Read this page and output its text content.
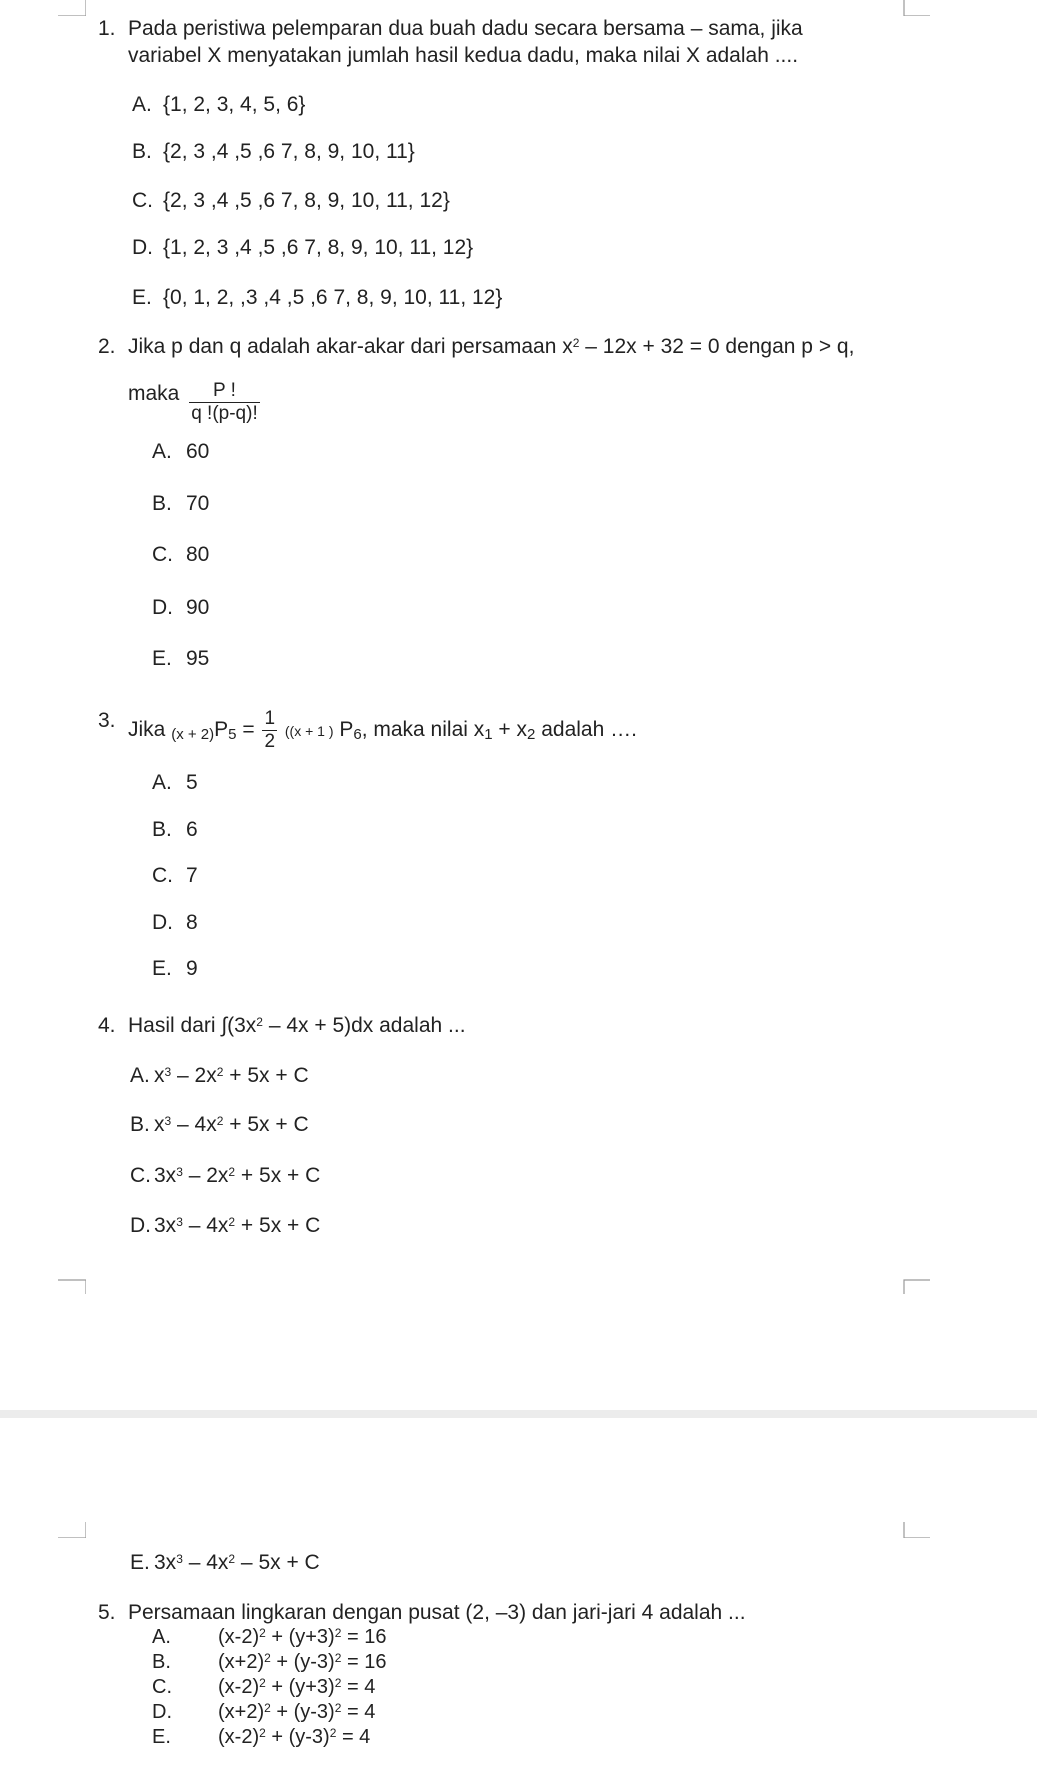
1. Pada peristiwa pelemparan dua buah dadu secara bersama – sama, jika
variabel X menyatakan jumlah hasil kedua dadu, maka nilai X adalah ....
A. {1, 2, 3, 4, 5, 6}
B. {2, 3 ,4 ,5 ,6 7, 8, 9, 10, 11}
C. {2, 3 ,4 ,5 ,6 7, 8, 9, 10, 11, 12}
D. {1, 2, 3 ,4 ,5 ,6 7, 8, 9, 10, 11, 12}
E. {0, 1, 2, ,3 ,4 ,5 ,6 7, 8, 9, 10, 11, 12}
2. Jika p dan q adalah akar-akar dari persamaan $x^2 - 12x + 32 = 0$ dengan p > q,
maka $\frac{P !}{q !(p-q)!}$
A. 60
B. 70
C. 80
D. 90
E. 95
3. Jika $(x + 2)P5 = \frac{1}{2} ((x + 1$ ) P6, maka nilai x1 + x2 adalah ….
A. 5
B. 6
C. 7
D. 8
E. 9
4. Hasil dari $\int(3x^2 - 4x + 5)dx$ adalah ...
A. $x^3 - 2x^2 + 5x + C$
B. $x^3 - 4x^2 + 5x + C$
C. $3x^3 - 2x^2 + 5x + C$
D. $3x^3 - 4x^2 + 5x + C$
E. $3x^3 - 4x^2 - 5x + C$
5. Persamaan lingkaran dengan pusat (2, –3) dan jari-jari 4 adalah ...
A. $(x-2)^2 + (y+3)^2 = 16$
B. $(x+2)^2 + (y-3)^2 = 16$
C. $(x-2)^2 + (y+3)^2 = 4$
D. $(x+2)^2 + (y-3)^2 = 4$
E. $(x-2)^2 + (y-3)^2 = 4$
